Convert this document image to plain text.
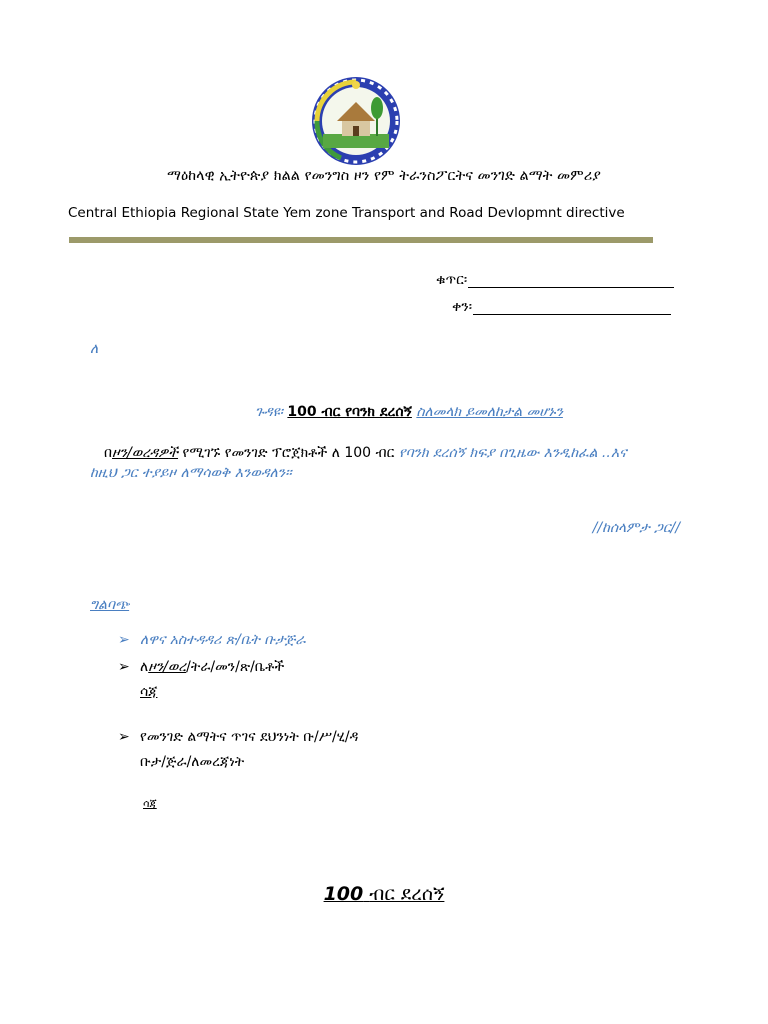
ማዕከላዊ ኢትዮጵያ ክልል የመንግስ ዞን የም ትራንስፖርትና መንገድ ልማት መምሪያ
Central Ethiopia Regional State Yem zone Transport and Road Devlopmnt directive
ቁጥር፡
ቀን፡
ለ
ጉዳዩ፡ 100 ብር የባንክ ደረሰኝ ስለመላክ ይመለከታል መሆኑን
በዞን/ወረዳዎች የሚገኙ የመንገድ ፕሮጀክቶች ለ 100 ብር የባንክ ደረሰኝ ክፍያ በጊዜው እንዲከፈል ..እና
ከዚህ ጋር ተያይዞ ለማሳወቅ እንወዳለን።
//ከሰላምታ ጋር//
ግልባጭ
➢ ለዋና አስተዳዳሪ ጽ/ቤት ቡታጅራ
➢ ለዞን/ወረ/ትራ/መን/ጽ/ቤቶች
ሳጃ
➢ የመንገድ ልማትና ጥገና ደህንነት ቡ/ሥ/ሂ/ዳ
ቡታ/ጅራ/ለመረጃነት
ሳጃ
100 ብር ደረሰኝ
